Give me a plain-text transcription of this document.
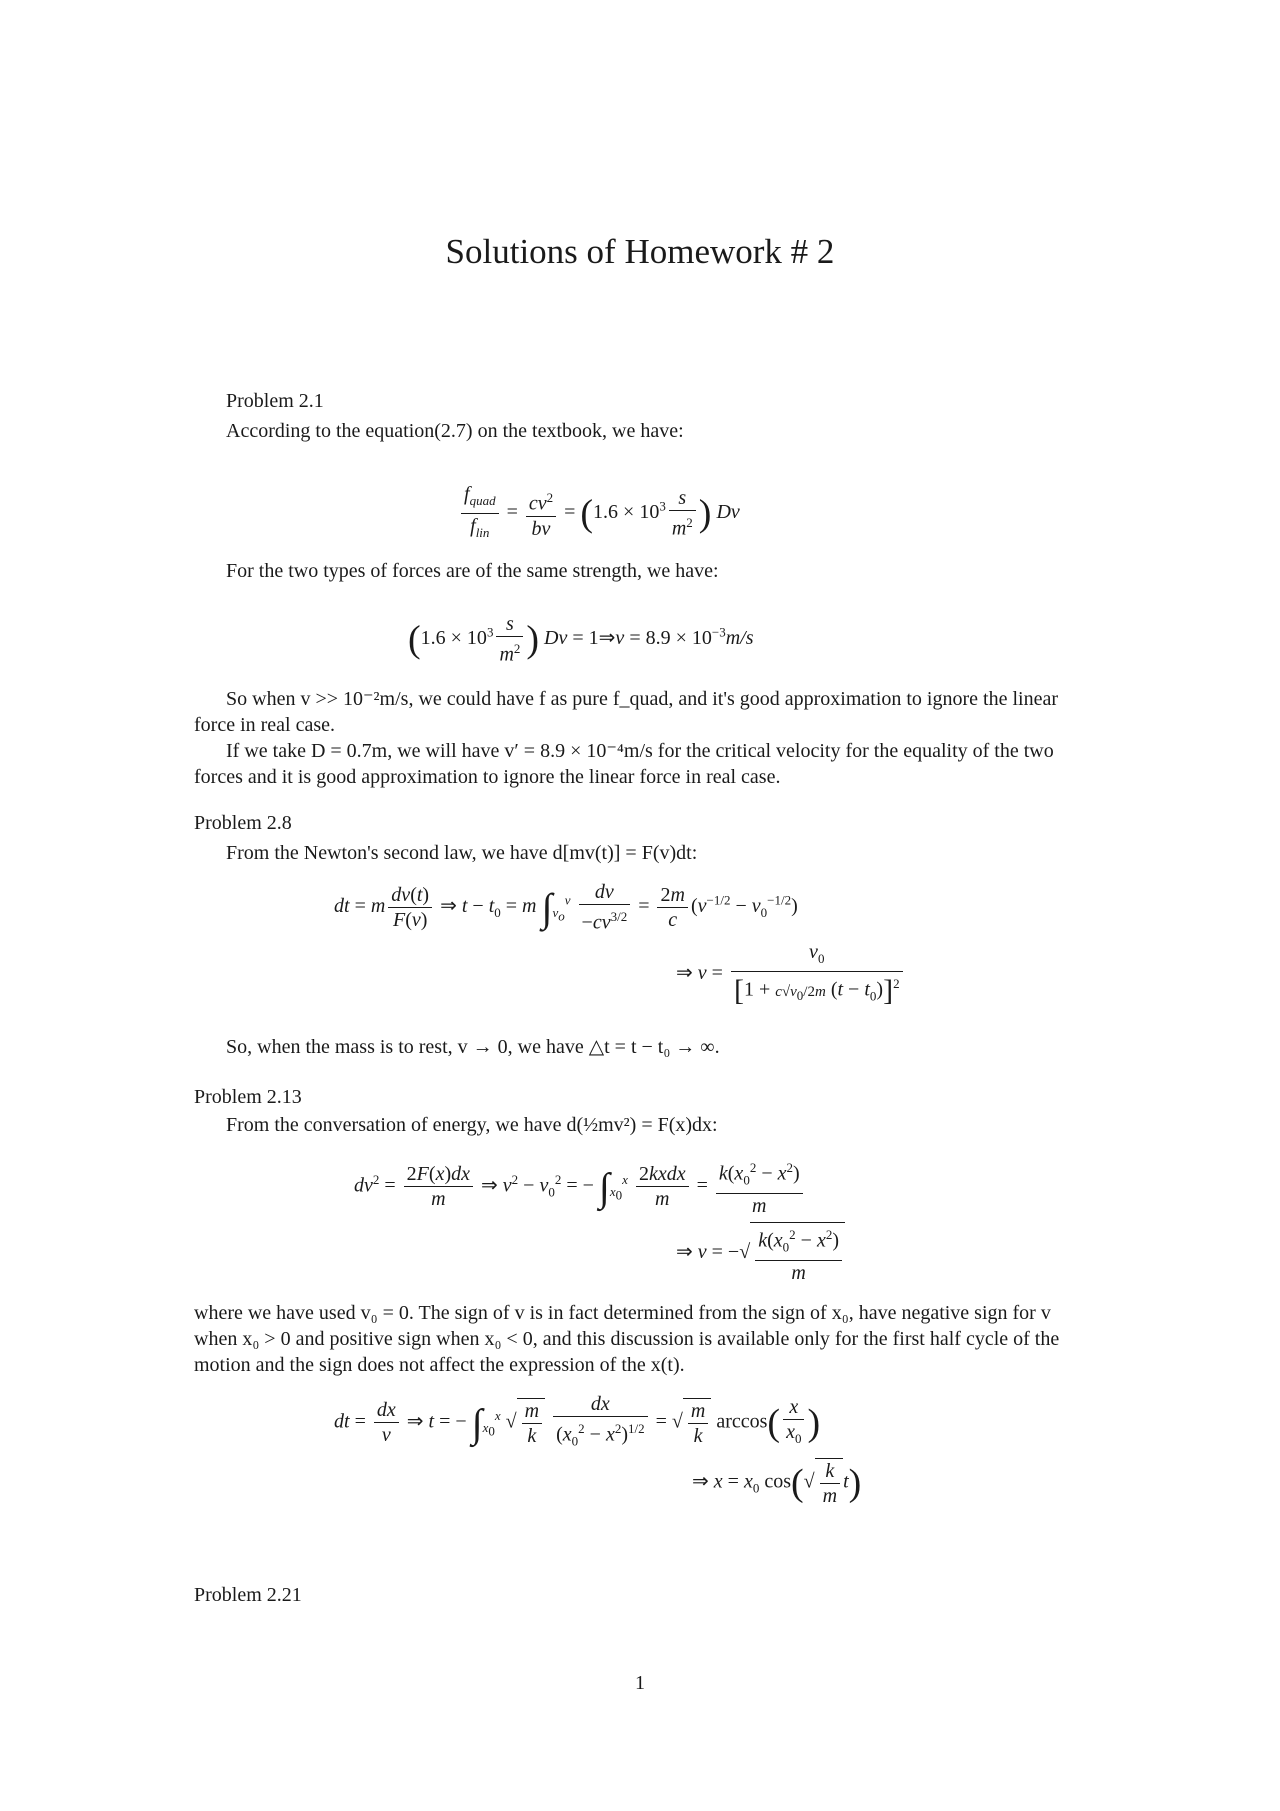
Solutions of Homework # 2
Problem 2.1
According to the equation(2.7) on the textbook, we have:
$\frac{f_{quad}}{f_{lin}} = \frac{cv^2}{bv} = (1.6 \times 10^3 \frac{s}{m^2}$ ) Dv
For the two types of forces are of the same strength, we have:
($1.6 \times 10^3 \frac{s}{m^2}$ ) Dv = 1⇒v = $8.9 \times 10^{-3}m/s$
So when v >> 10⁻²m/s, we could have f as pure f_quad, and it's good approximation to ignore the linear force in real case.
If we take D = 0.7m, we will have v′ = 8.9 × 10⁻⁴m/s for the critical velocity for the equality of the two forces and it is good approximation to ignore the linear force in real case.
Problem 2.8
From the Newton's second law, we have d[mv(t)] = F(v)dt:
dt = m $\frac{dv(t)}{F(v)}$ ⇒ $t - t_0 = m$ $\int_{v_o}^v \frac{dv}{-cv^{3/2}} = \frac{2m}{c} (v^{-1/2} - v_0^{-1/2})$
⇒ $v = \frac{v_0}{[1 + c√v_0/2m (t - t_0)]^2}$
So, when the mass is to rest, v → 0, we have △t = t − t₀ → ∞.
Problem 2.13
From the conversation of energy, we have d(½mv²) = F(x)dx:
$dv^2 = \frac{2F(x)dx}{m}$ ⇒ $v^2 - v_0^2$ = − $\int_{x_0}^x \frac{\text{2kxdx}}{m} = \frac{k(x_0^2 - x^2)}{m}$
⇒ v = −√ $\frac{k(x_0^2 - x^2)}{m}$
where we have used v₀ = 0. The sign of v is in fact determined from the sign of x₀, have negative sign for v when x₀ > 0 and positive sign when x₀ < 0, and this discussion is available only for the first half cycle of the motion and the sign does not affect the expression of the x(t).
dt = $\frac{dx}{v}$ ⇒ t = − $\int_{x_0}^x$ √ $\frac{m}{k}$
$\frac{dx}{(x_0^2 - x^2)^{1/2}}$ = √ $\frac{m}{k} \arccos( \frac{x}{x_0}$ )
⇒ $x = x_0$ $\cos(√ \frac{k}{m} t)$
Problem 2.21
1
